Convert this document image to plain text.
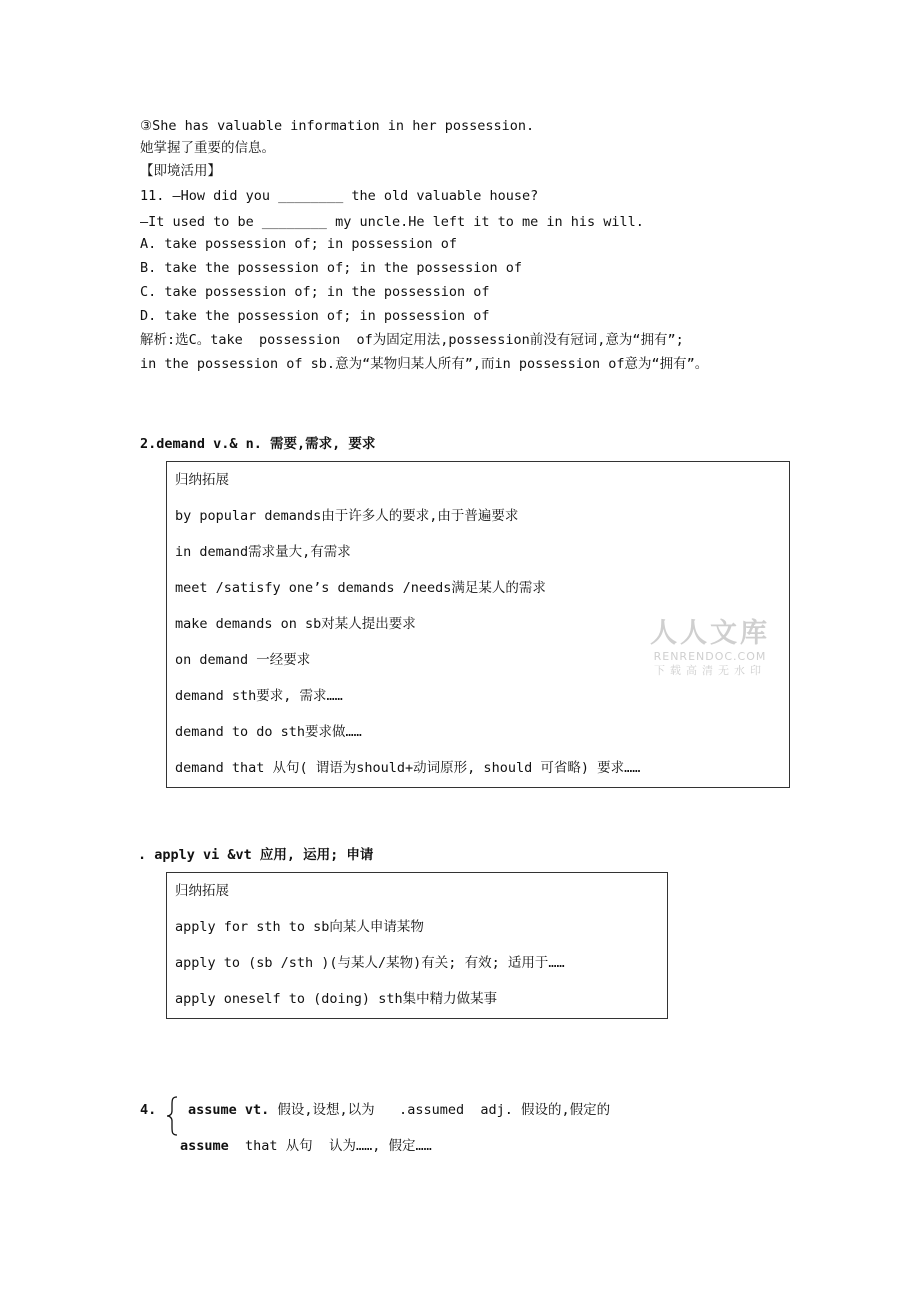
③She has valuable information in her possession.
她掌握了重要的信息。
【即境活用】
11. —How did you ________ the old valuable house?
—It used to be ________ my uncle.He left it to me in his will.
A. take possession of; in possession of
B. take the possession of; in the possession of
C. take possession of; in the possession of
D. take the possession of; in possession of
解析:选C。take  possession  of为固定用法,possession前没有冠词,意为“拥有”;
in the possession of sb.意为“某物归某人所有”,而in possession of意为“拥有”。
2.demand v.& n. 需要,需求, 要求
归纳拓展
by popular demands由于许多人的要求,由于普遍要求
in demand需求量大,有需求
meet /satisfy one’s demands /needs满足某人的需求
make demands on sb对某人提出要求
on demand 一经要求
demand sth要求, 需求……
demand to do sth要求做……
demand that 从句( 谓语为should+动词原形, should 可省略) 要求……
人人文库
RENRENDOC.COM
下载高清无水印
. apply vi &vt 应用, 运用; 申请
归纳拓展
apply for sth to sb向某人申请某物
apply to (sb /sth )(与某人/某物)有关; 有效; 适用于……
apply oneself to (doing) sth集中精力做某事
4. assume vt. 假设,设想,以为   .assumed  adj. 假设的,假定的
assume that 从句  认为……, 假定……
